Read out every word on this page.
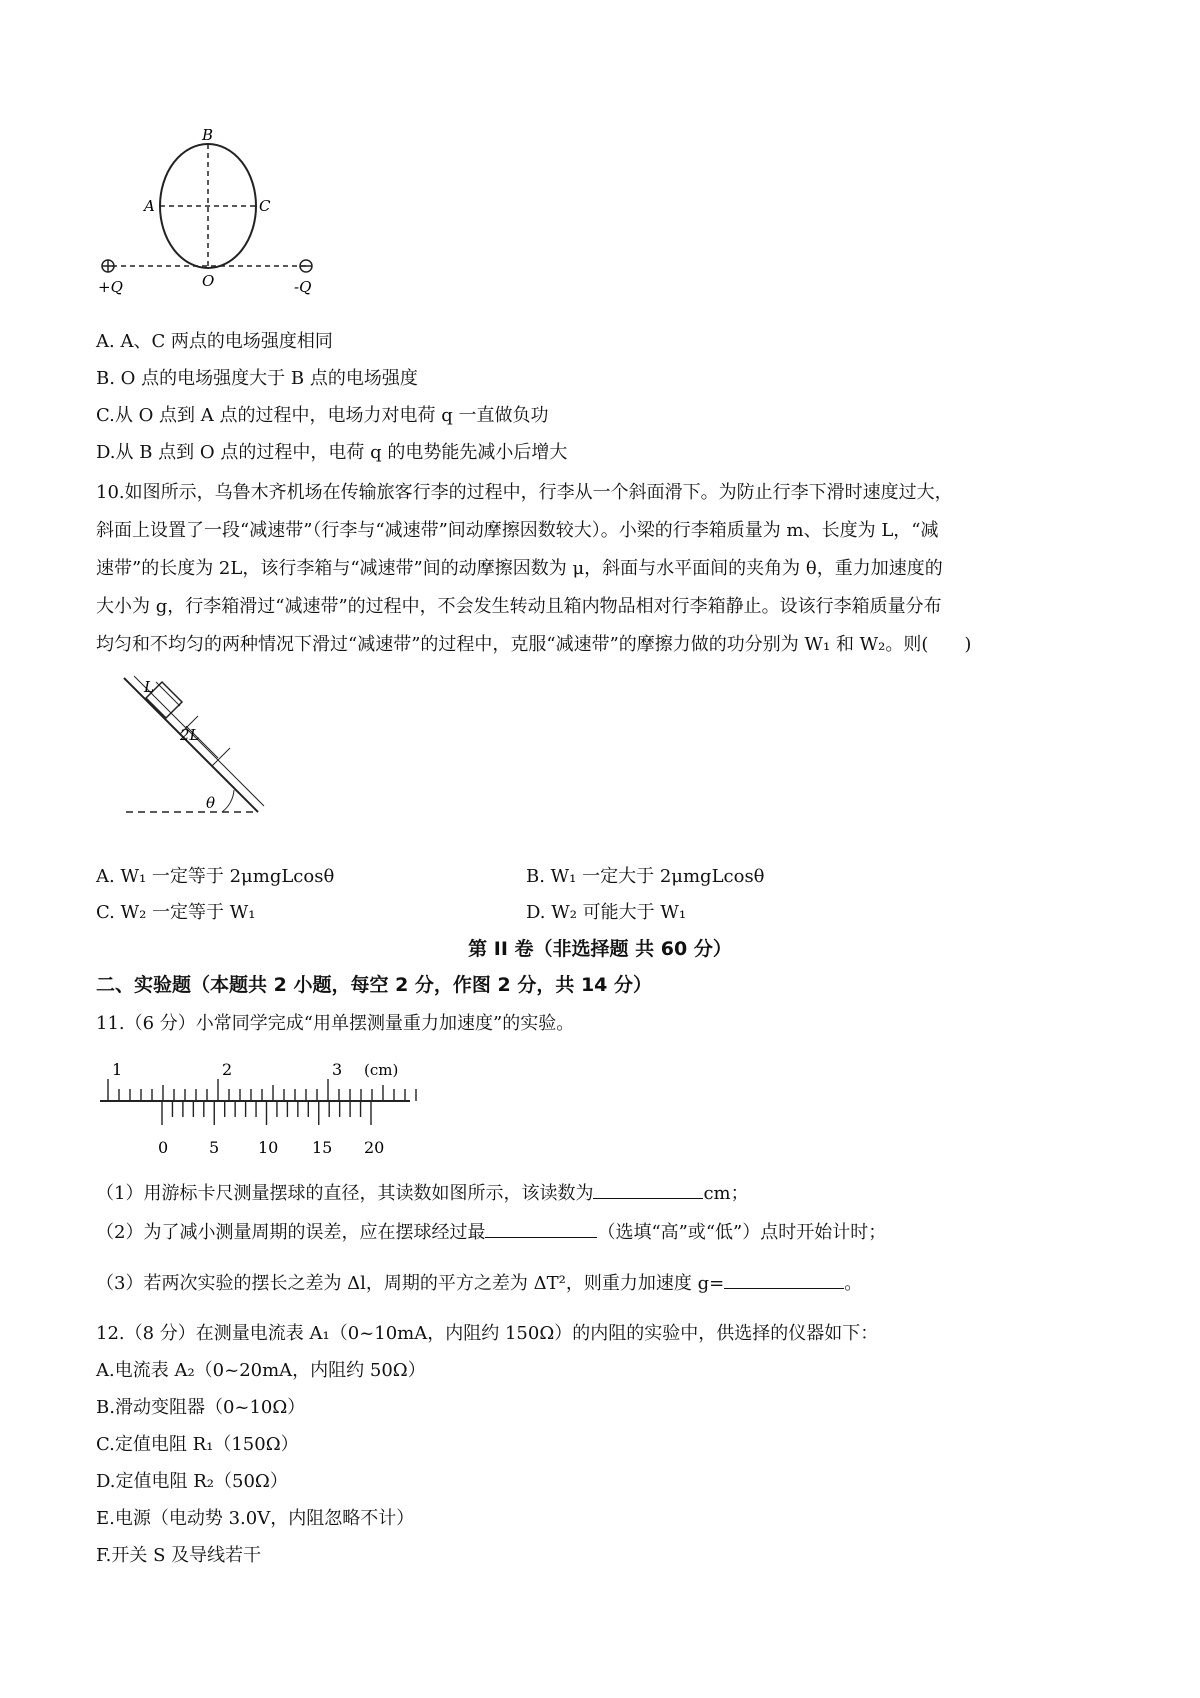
B
A	C
O
+Q	-Q
A. A、C 两点的电场强度相同
B. O 点的电场强度大于 B 点的电场强度
C.从 O 点到 A 点的过程中，电场力对电荷 q 一直做负功
D.从 B 点到 O 点的过程中，电荷 q 的电势能先减小后增大
10.如图所示，乌鲁木齐机场在传输旅客行李的过程中，行李从一个斜面滑下。为防止行李下滑时速度过大，
斜面上设置了一段“减速带”（行李与“减速带”间动摩擦因数较大）。小梁的行李箱质量为 m、长度为 L，“减
速带”的长度为 2L，该行李箱与“减速带”间的动摩擦因数为 μ，斜面与水平面间的夹角为 θ，重力加速度的
大小为 g，行李箱滑过“减速带”的过程中，不会发生转动且箱内物品相对行李箱静止。设该行李箱质量分布
均匀和不均匀的两种情况下滑过“减速带”的过程中，克服“减速带”的摩擦力做的功分别为 W₁ 和 W₂。则(　　)
L
2L
θ
A. W₁ 一定等于 2μmgLcosθ	B. W₁ 一定大于 2μmgLcosθ
C. W₂ 一定等于 W₁	D. W₂ 可能大于 W₁
第 II 卷（非选择题 共 60 分）
二、实验题（本题共 2 小题，每空 2 分，作图 2 分，共 14 分）
11.（6 分）小常同学完成“用单摆测量重力加速度”的实验。
1	2	3 (cm)
0	5 10 15 20
（1）用游标卡尺测量摆球的直径，其读数如图所示，该读数为	cm；
（2）为了减小测量周期的误差，应在摆球经过最	（选填“高”或“低”）点时开始计时；
（3）若两次实验的摆长之差为 Δl，周期的平方之差为 ΔT²，则重力加速度 g=	。
12.（8 分）在测量电流表 A₁（0~10mA，内阻约 150Ω）的内阻的实验中，供选择的仪器如下：
A.电流表 A₂（0~20mA，内阻约 50Ω）
B.滑动变阻器（0~10Ω）
C.定值电阻 R₁（150Ω）
D.定值电阻 R₂（50Ω）
E.电源（电动势 3.0V，内阻忽略不计）
F.开关 S 及导线若干
